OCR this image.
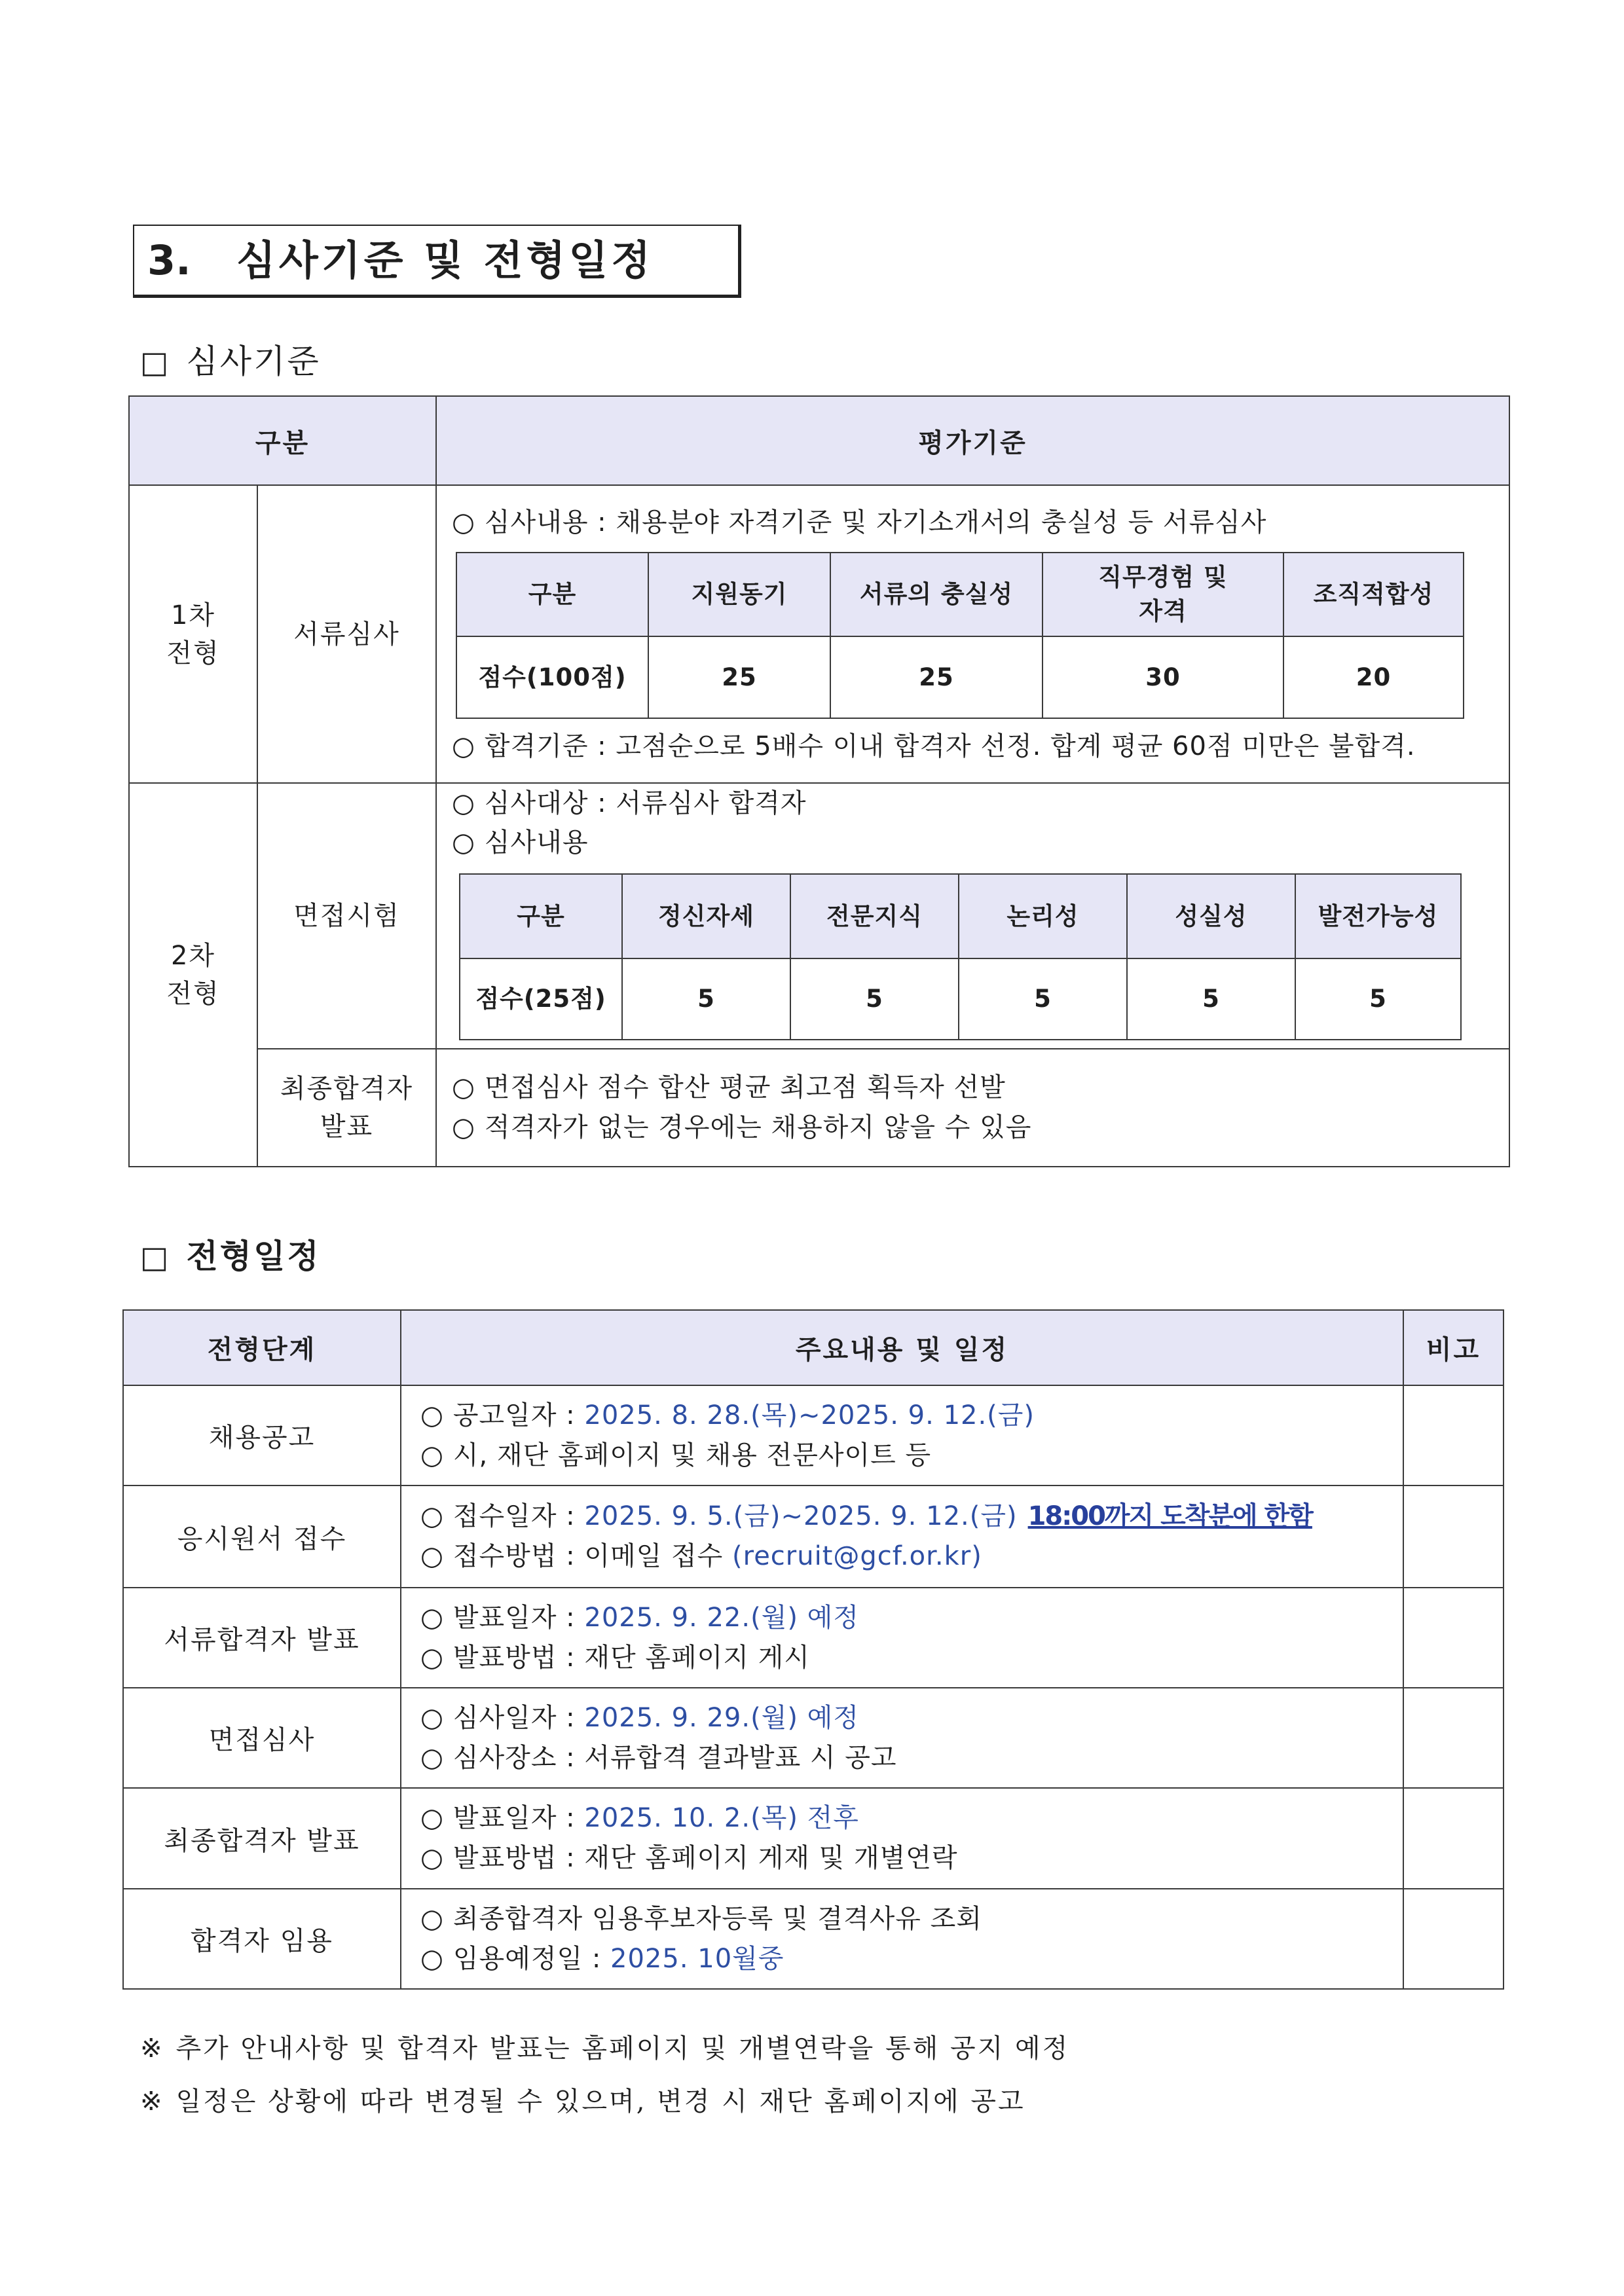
3. 심사기준 및 전형일정
□ 심사기준
구분	평가기준
1차 전형	서류심사	
○ 심사내용 : 채용분야 자격기준 및 자기소개서의 충실성 등 서류심사
구분	지원동기	서류의 충실성	직무경험 및 자격	조직적합성
점수(100점)	25	25	30	20
○ 합격기준 : 고점순으로 5배수 이내 합격자 선정. 합계 평균 60점 미만은 불합격.

2차 전형	면접시험	
○ 심사대상 : 서류심사 합격자
○ 심사내용
구분	정신자세	전문지식	논리성	성실성	발전가능성
점수(25점)	5	5	5	5	5

최종합격자 발표	
○ 면접심사 점수 합산 평균 최고점 획득자 선발
○ 적격자가 없는 경우에는 채용하지 않을 수 있음
□ 전형일정
전형단계	주요내용 및 일정	비고
채용공고	○ 공고일자 : 2025. 8. 28.(목)~2025. 9. 12.(금)
○ 시, 재단 홈페이지 및 채용 전문사이트 등	

응시원서 접수	○ 접수일자 : 2025. 9. 5.(금)~2025. 9. 12.(금) 18:00까지 도착분에 한함
○ 접수방법 : 이메일 접수 (recruit@gcf.or.kr)	

서류합격자 발표	○ 발표일자 : 2025. 9. 22.(월) 예정
○ 발표방법 : 재단 홈페이지 게시	

면접심사	○ 심사일자 : 2025. 9. 29.(월) 예정
○ 심사장소 : 서류합격 결과발표 시 공고	

최종합격자 발표	○ 발표일자 : 2025. 10. 2.(목) 전후
○ 발표방법 : 재단 홈페이지 게재 및 개별연락	

합격자 임용	○ 최종합격자 임용후보자등록 및 결격사유 조회
○ 임용예정일 : 2025. 10월중	

※ 추가 안내사항 및 합격자 발표는 홈페이지 및 개별연락을 통해 공지 예정
※ 일정은 상황에 따라 변경될 수 있으며, 변경 시 재단 홈페이지에 공고
